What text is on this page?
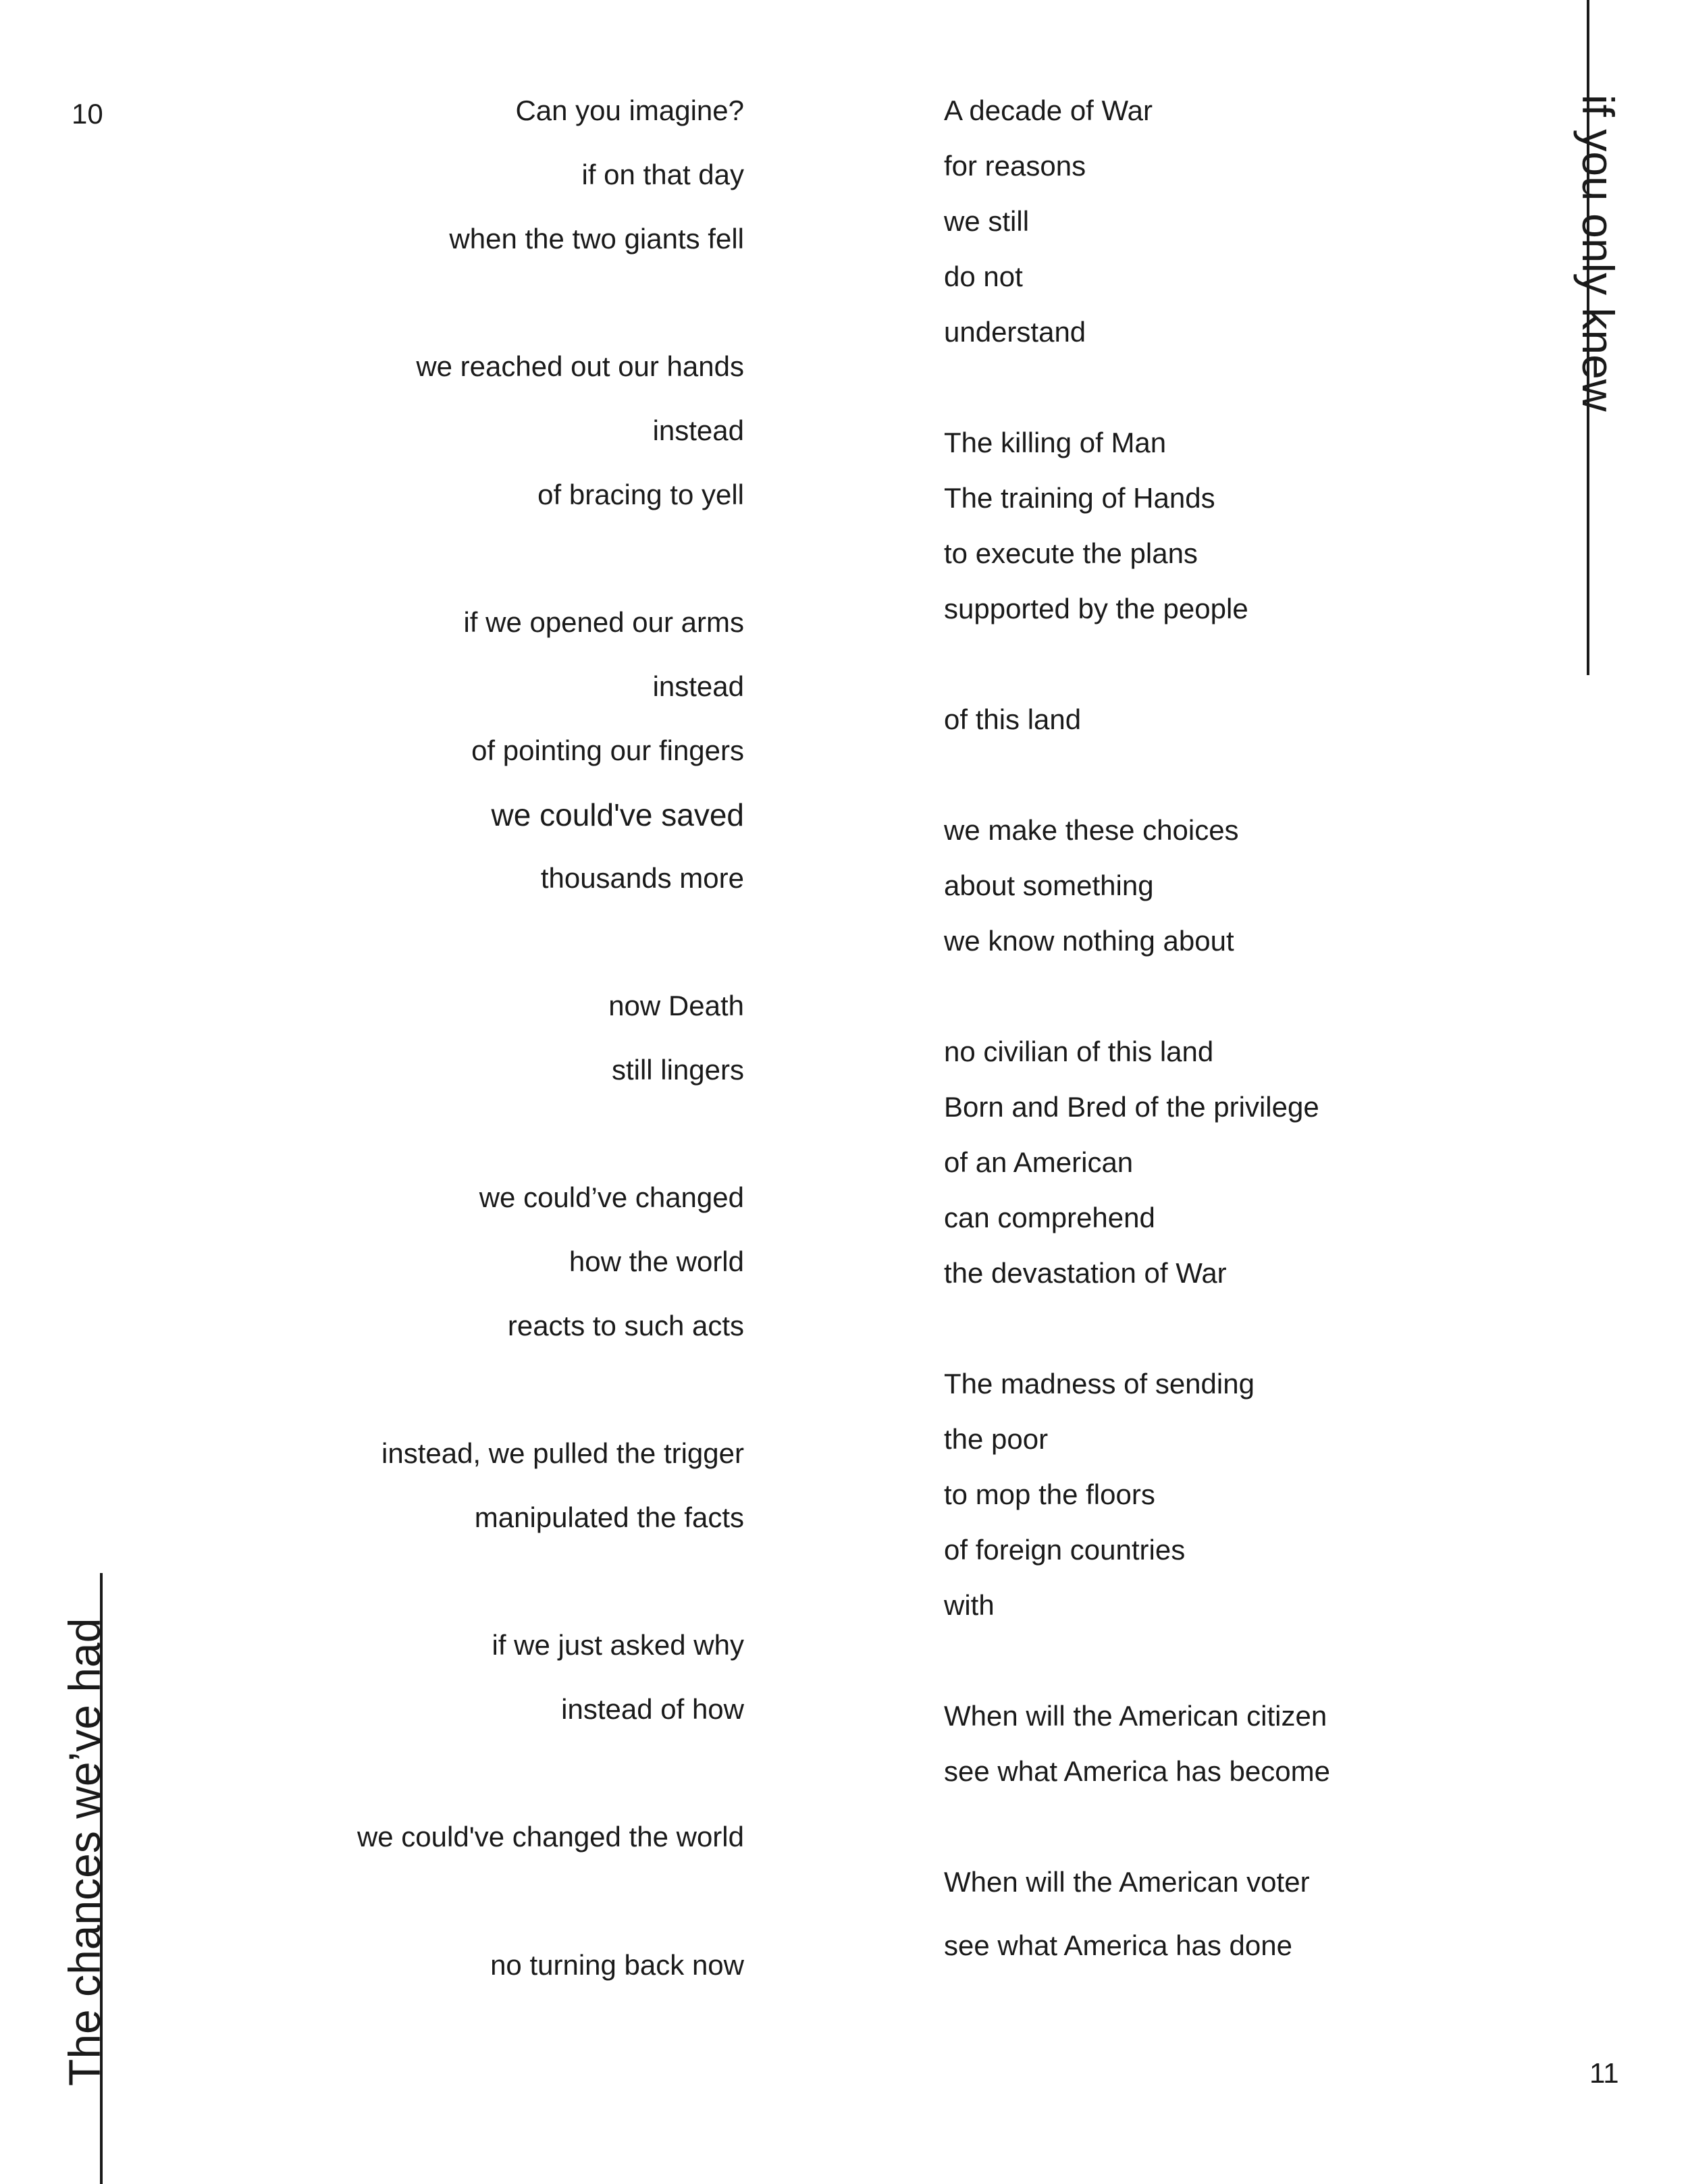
10
11
Can you imagine?
if on that day
when the two giants fell
we reached out our hands
instead
of bracing to yell
if we opened our arms
instead
of pointing our fingers
we could've saved
thousands more
now Death
still lingers
we could’ve changed
how the world
reacts to such acts
instead, we pulled the trigger
manipulated the facts
if we just asked why
instead of how
we could've changed the world
no turning back now
A decade of War
for reasons
we still
do not
understand
The killing of Man
The training of Hands
to execute the plans
supported by the people
of this land
we make these choices
about something
we know nothing about
no civilian of this land
Born and Bred of the privilege
of an American
can comprehend
the devastation of War
The madness of sending
the poor
to mop the floors
of foreign countries
with
When will the American citizen
see what America has become
When will the American voter
see what America has done
The chances we’ve had
if you only knew
